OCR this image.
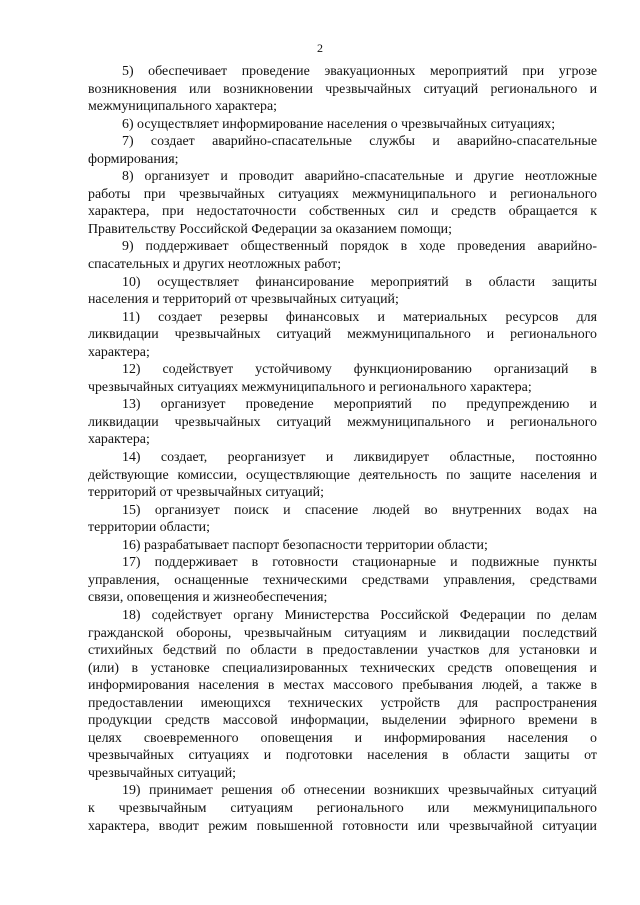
2

5) обеспечивает проведение эвакуационных мероприятий при угрозе
возникновения или возникновении чрезвычайных ситуаций регионального и
межмуниципального характера;

6) осуществляет информирование населения о чрезвычайных ситуациях;

7) создает аварийно-спасательные службы и аварийно-спасательные
формирования;

8) организует и проводит аварийно-спасательные и другие неотложные
работы при чрезвычайных ситуациях межмуниципального и регионального
характера, при недостаточности собственных сил и средств обращается к
Правительству Российской Федерации за оказанием помощи;

9) поддерживает общественный порядок в ходе проведения аварийно-
спасательных и других неотложных работ;

10) осуществляет финансирование мероприятий в области защиты
населения и территорий от чрезвычайных ситуаций;

11) создает резервы финансовых и материальных ресурсов для
ликвидации чрезвычайных ситуаций межмуниципального и регионального
характера;

12) содействует устойчивому функционированию организаций в
чрезвычайных ситуациях межмуниципального и регионального характера;

13) организует проведение мероприятий по предупреждению и
ликвидации чрезвычайных ситуаций межмуниципального и регионального
характера;

14) создает, реорганизует и ликвидирует областные, постоянно
действующие комиссии, осуществляющие деятельность по защите населения и
территорий от чрезвычайных ситуаций;

15) организует поиск и спасение людей во внутренних водах на
территории области;

16) разрабатывает паспорт безопасности территории области;

17) поддерживает в готовности стационарные и подвижные пункты
управления, оснащенные техническими средствами управления, средствами
связи, оповещения и жизнеобеспечения;

18) содействует органу Министерства Российской Федерации по делам
гражданской обороны, чрезвычайным ситуациям и ликвидации последствий
стихийных бедствий по области в предоставлении участков для установки и
(или) в установке специализированных технических средств оповещения и
информирования населения в местах массового пребывания людей, а также в
предоставлении имеющихся технических устройств для распространения
продукции средств массовой информации, выделении эфирного времени в
целях своевременного оповещения и информирования населения о
чрезвычайных ситуациях и подготовки населения в области защиты от
чрезвычайных ситуаций;

19) принимает решения об отнесении возникших чрезвычайных ситуаций
к чрезвычайным ситуациям регионального или межмуниципального
характера, вводит режим повышенной готовности или чрезвычайной ситуации
